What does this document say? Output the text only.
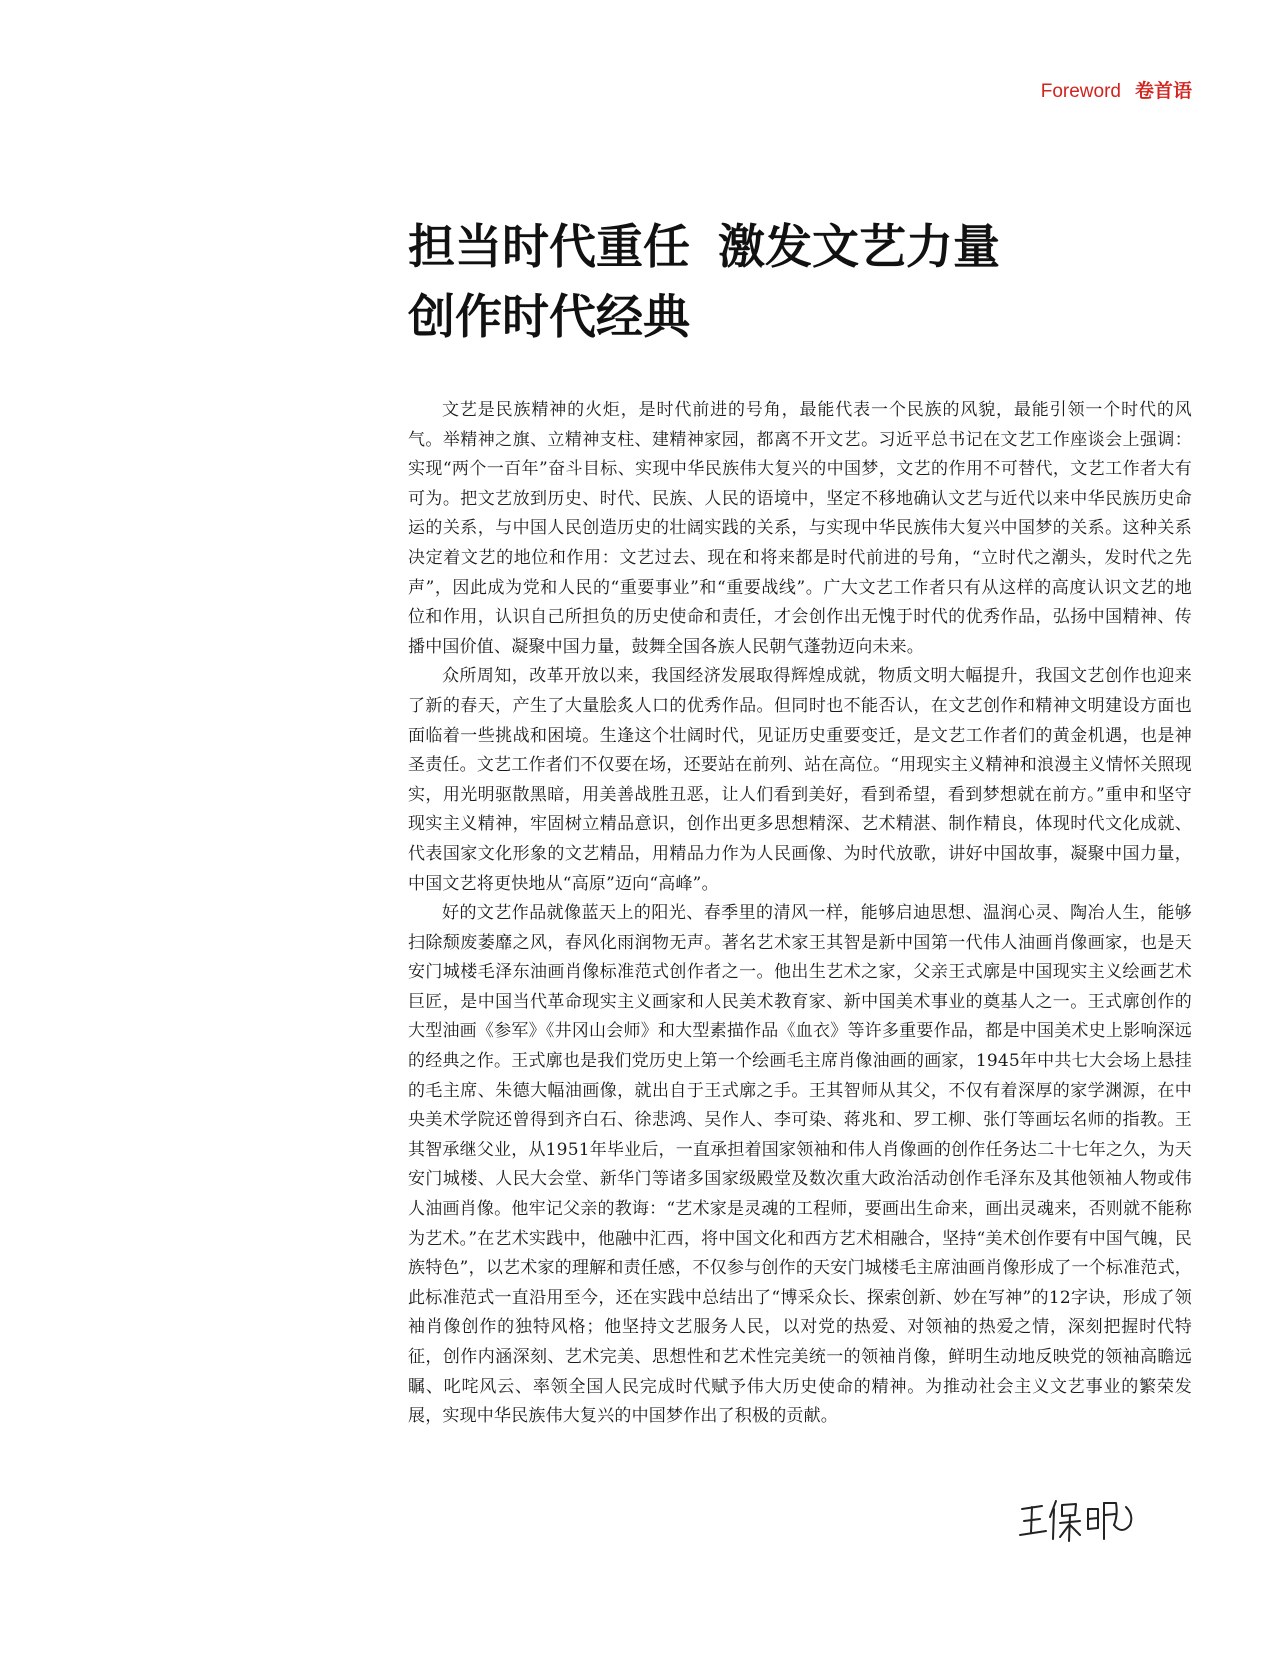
Foreword 卷首语
担当时代重任 激发文艺力量
创作时代经典

文艺是民族精神的火炬，是时代前进的号角，最能代表一个民族的风貌，最能引领一个时代的风气。举精神之旗、立精神支柱、建精神家园，都离不开文艺。习近平总书记在文艺工作座谈会上强调：实现“两个一百年”奋斗目标、实现中华民族伟大复兴的中国梦，文艺的作用不可替代，文艺工作者大有可为。把文艺放到历史、时代、民族、人民的语境中，坚定不移地确认文艺与近代以来中华民族历史命运的关系，与中国人民创造历史的壮阔实践的关系，与实现中华民族伟大复兴中国梦的关系。这种关系决定着文艺的地位和作用：文艺过去、现在和将来都是时代前进的号角，“立时代之潮头，发时代之先声”，因此成为党和人民的“重要事业”和“重要战线”。广大文艺工作者只有从这样的高度认识文艺的地位和作用，认识自己所担负的历史使命和责任，才会创作出无愧于时代的优秀作品，弘扬中国精神、传播中国价值、凝聚中国力量，鼓舞全国各族人民朝气蓬勃迈向未来。

众所周知，改革开放以来，我国经济发展取得辉煌成就，物质文明大幅提升，我国文艺创作也迎来了新的春天，产生了大量脍炙人口的优秀作品。但同时也不能否认，在文艺创作和精神文明建设方面也面临着一些挑战和困境。生逢这个壮阔时代，见证历史重要变迁，是文艺工作者们的黄金机遇，也是神圣责任。文艺工作者们不仅要在场，还要站在前列、站在高位。“用现实主义精神和浪漫主义情怀关照现实，用光明驱散黑暗，用美善战胜丑恶，让人们看到美好，看到希望，看到梦想就在前方。”重申和坚守现实主义精神，牢固树立精品意识，创作出更多思想精深、艺术精湛、制作精良，体现时代文化成就、代表国家文化形象的文艺精品，用精品力作为人民画像、为时代放歌，讲好中国故事，凝聚中国力量，中国文艺将更快地从“高原”迈向“高峰”。

好的文艺作品就像蓝天上的阳光、春季里的清风一样，能够启迪思想、温润心灵、陶冶人生，能够扫除颓废萎靡之风，春风化雨润物无声。著名艺术家王其智是新中国第一代伟人油画肖像画家，也是天安门城楼毛泽东油画肖像标准范式创作者之一。他出生艺术之家，父亲王式廓是中国现实主义绘画艺术巨匠，是中国当代革命现实主义画家和人民美术教育家、新中国美术事业的奠基人之一。王式廓创作的大型油画《参军》《井冈山会师》和大型素描作品《血衣》等许多重要作品，都是中国美术史上影响深远的经典之作。王式廓也是我们党历史上第一个绘画毛主席肖像油画的画家，1945年中共七大会场上悬挂的毛主席、朱德大幅油画像，就出自于王式廓之手。王其智师从其父，不仅有着深厚的家学渊源，在中央美术学院还曾得到齐白石、徐悲鸿、吴作人、李可染、蒋兆和、罗工柳、张仃等画坛名师的指教。王其智承继父业，从1951年毕业后，一直承担着国家领袖和伟人肖像画的创作任务达二十七年之久，为天安门城楼、人民大会堂、新华门等诸多国家级殿堂及数次重大政治活动创作毛泽东及其他领袖人物或伟人油画肖像。他牢记父亲的教诲：“艺术家是灵魂的工程师，要画出生命来，画出灵魂来，否则就不能称为艺术。”在艺术实践中，他融中汇西，将中国文化和西方艺术相融合，坚持“美术创作要有中国气魄，民族特色”，以艺术家的理解和责任感，不仅参与创作的天安门城楼毛主席油画肖像形成了一个标准范式，此标准范式一直沿用至今，还在实践中总结出了“博采众长、探索创新、妙在写神”的12字诀，形成了领袖肖像创作的独特风格；他坚持文艺服务人民，以对党的热爱、对领袖的热爱之情，深刻把握时代特征，创作内涵深刻、艺术完美、思想性和艺术性完美统一的领袖肖像，鲜明生动地反映党的领袖高瞻远瞩、叱咤风云、率领全国人民完成时代赋予伟大历史使命的精神。为推动社会主义文艺事业的繁荣发展，实现中华民族伟大复兴的中国梦作出了积极的贡献。
